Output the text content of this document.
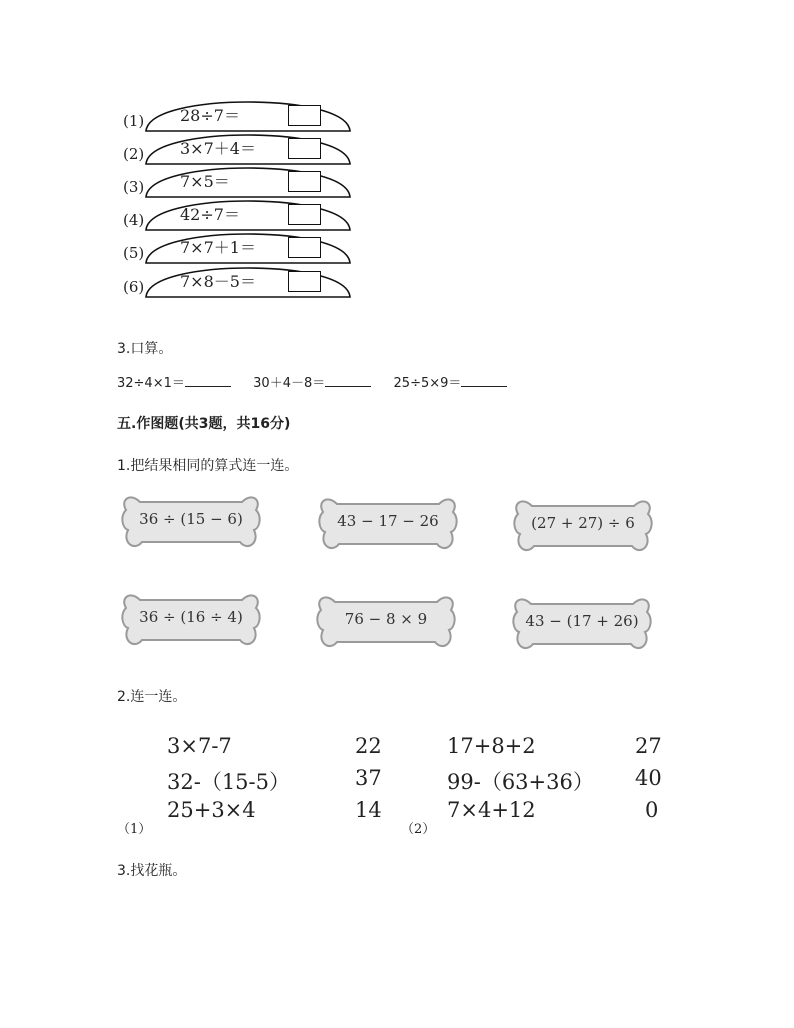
(1) 28÷7＝
(2) 3×7＋4＝
(3) 7×5＝
(4) 42÷7＝
(5) 7×7＋1＝
(6) 7×8－5＝
3.口算。
32÷4×1＝	30＋4－8＝	25÷5×9＝
五.作图题(共3题，共16分)
1.把结果相同的算式连一连。
36 ÷ (15 − 6)	43 − 17 − 26	(27 + 27) ÷ 6
36 ÷ (16 ÷ 4)	76 − 8 × 9	43 − (17 + 26)
2.连一连。
3×7-7
32-（15-5）
25+3×4
22
37
14
（1）
17+8+2
99-（63+36）
7×4+12
27
40
0
（2）
3.找花瓶。
